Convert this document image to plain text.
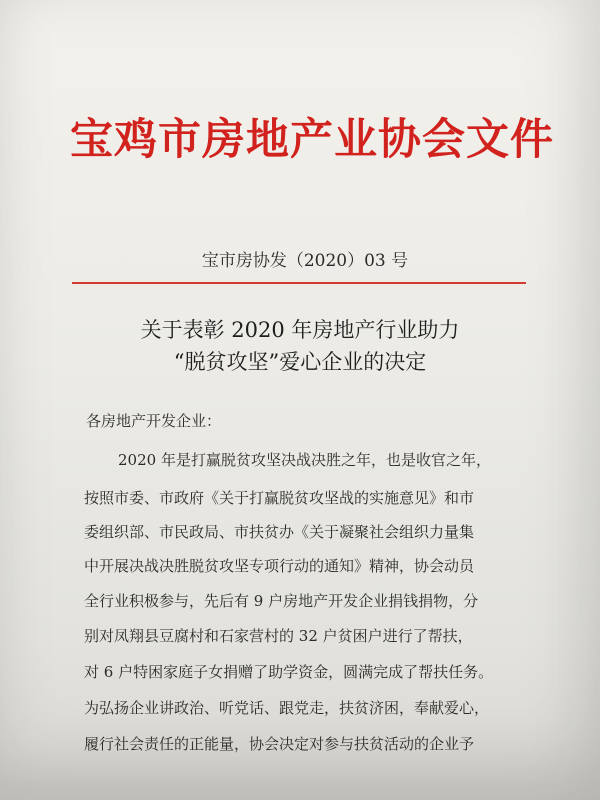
宝鸡市房地产业协会文件
宝市房协发（2020）03 号
关于表彰 2020 年房地产行业助力
“脱贫攻坚”爱心企业的决定
各房地产开发企业：
2020 年是打赢脱贫攻坚决战决胜之年，也是收官之年，
按照市委、市政府《关于打赢脱贫攻坚战的实施意见》和市
委组织部、市民政局、市扶贫办《关于凝聚社会组织力量集
中开展决战决胜脱贫攻坚专项行动的通知》精神，协会动员
全行业积极参与，先后有 9 户房地产开发企业捐钱捐物，分
别对凤翔县豆腐村和石家营村的 32 户贫困户进行了帮扶，
对 6 户特困家庭子女捐赠了助学资金，圆满完成了帮扶任务。
为弘扬企业讲政治、听党话、跟党走，扶贫济困，奉献爱心，
履行社会责任的正能量，协会决定对参与扶贫活动的企业予
